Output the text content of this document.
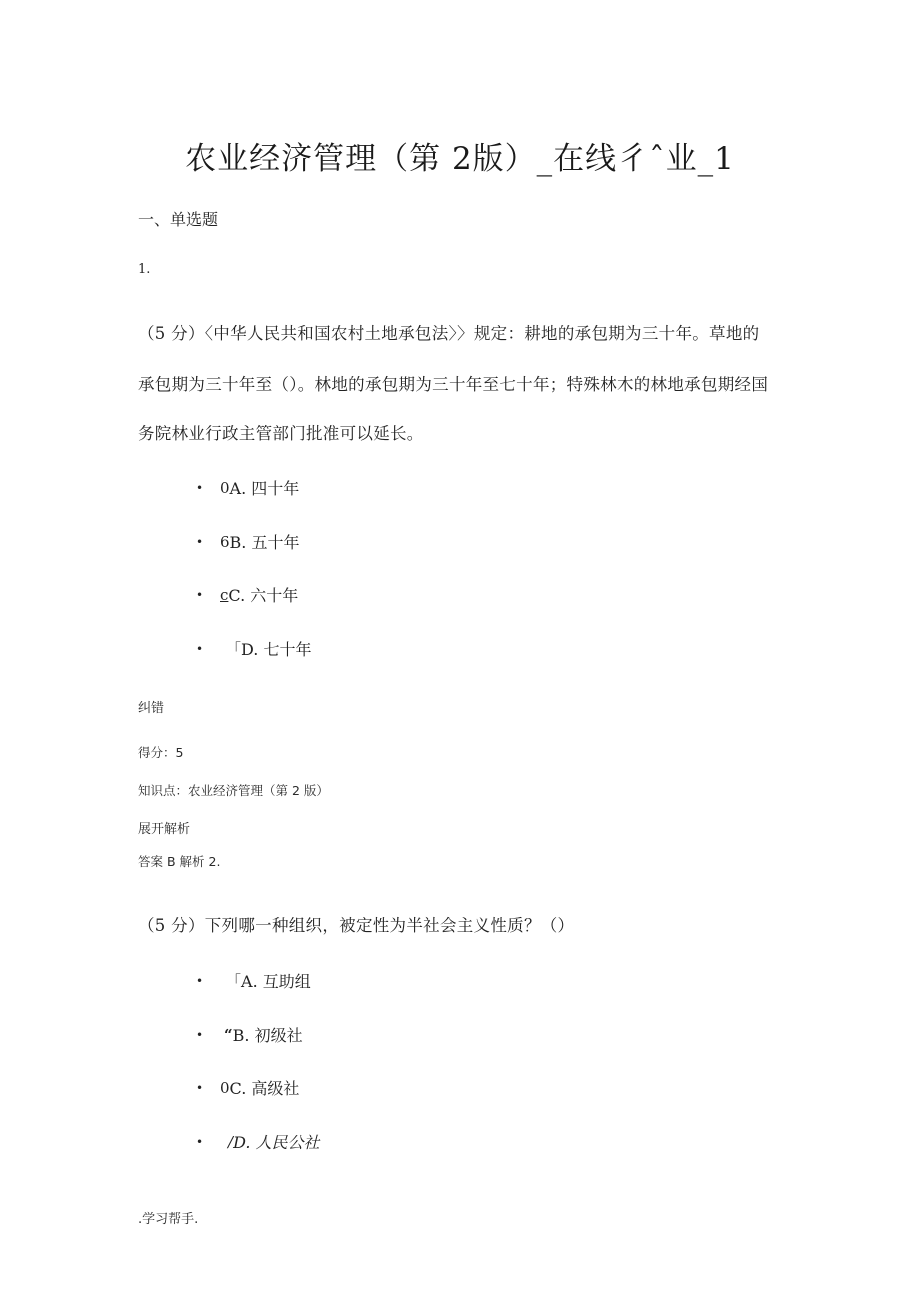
农业经济管理（第 2版）_在线彳ˆ业_1
一、单选题
1.
（5 分）〈中华人民共和国农村土地承包法〉〉规定：耕地的承包期为三十年。草地的
承包期为三十年至（）。林地的承包期为三十年至七十年；特殊林木的林地承包期经国
务院林业行政主管部门批准可以延长。
•	0 A. 四十年
•	6 B. 五十年
•	c C. 六十年
•	「 D. 七十年
纠错
得分：5
知识点：农业经济管理（第 2 版）
展开解析
答案 B 解析 2.
（5 分）下列哪一种组织，被定性为半社会主义性质？（）
•	「 A. 互助组
•	“ B. 初级社
•	0 C. 高级社
•	/ D. 人民公社
.学习帮手.
